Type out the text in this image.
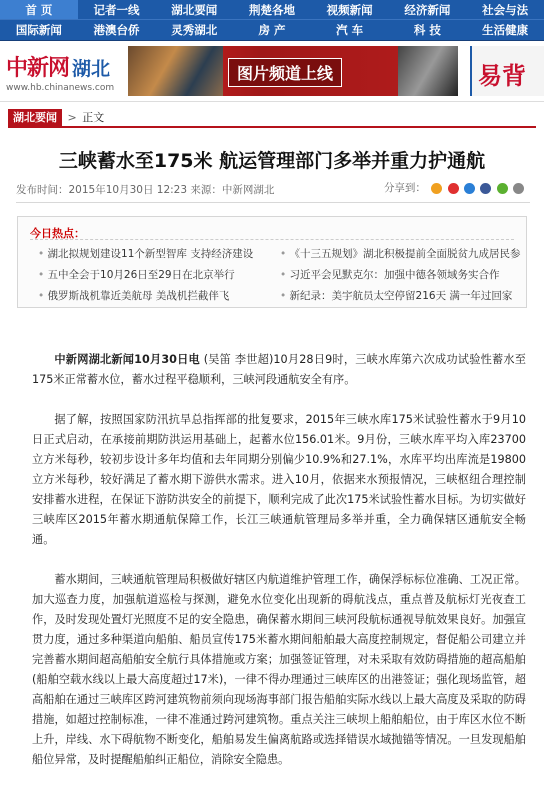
首 页	记者一线	湖北要闻	荆楚各地	视频新闻	经济新闻	社会与法
国际新闻	港澳台侨	灵秀湖北	房 产	汽 车	科 技	生活健康
中新网 湖北
www.hb.chinanews.com
图片频道上线	易背
湖北要闻 > 正文
三峡蓄水至175米 航运管理部门多举并重力护通航
发布时间：2015年10月30日 12:23 来源：中新网湖北	分享到：
今日热点：
• 湖北拟规划建设11个新型智库 支持经济建设
• 五中全会于10月26日至29日在北京举行
• 俄罗斯战机靠近美航母 美战机拦截伴飞
• 《十三五规划》湖北积极提前全面脱贫九成居民参
• 习近平会见默克尔：加强中德各领域务实合作
• 新纪录：美宇航员太空停留216天 满一年过回家

中新网湖北新闻10月30日电 (吴笛 李世超)10月28日9时，三峡水库第六次成功试验性蓄水至175米正常蓄水位，蓄水过程平稳顺利，三峡河段通航安全有序。

据了解，按照国家防汛抗旱总指挥部的批复要求，2015年三峡水库175米试验性蓄水于9月10日正式启动，在承接前期防洪运用基础上，起蓄水位156.01米。9月份，三峡水库平均入库23700立方米每秒，较初步设计多年均值和去年同期分别偏少10.9%和27.1%，水库平均出库流是19800立方米每秒，较好满足了蓄水期下游供水需求。进入10月，依据来水预报情况，三峡枢纽合理控制安排蓄水进程，在保证下游防洪安全的前提下，顺利完成了此次175米试验性蓄水目标。为切实做好三峡库区2015年蓄水期通航保障工作，长江三峡通航管理局多举并重，全力确保辖区通航安全畅通。

蓄水期间，三峡通航管理局积极做好辖区内航道维护管理工作，确保浮标标位准确、工况正常。加大巡查力度，加强航道巡检与探测，避免水位变化出现新的碍航浅点，重点普及航标灯光夜查工作，及时发现处置灯光照度不足的安全隐患，确保蓄水期间三峡河段航标通视导航效果良好。加强宣贯力度，通过多种渠道向船舶、船员宣传175米蓄水期间船舶最大高度控制规定，督促船公司建立并完善蓄水期间超高船舶安全航行具体措施或方案；加强签证管理，对未采取有效防碍措施的超高船舶(船舶空载水线以上最大高度超过17米)，一律不得办理通过三峡库区的出港签证；强化现场监管，超高船舶在通过三峡库区跨河建筑物前须向现场海事部门报告船舶实际水线以上最大高度及采取的防碍措施，如超过控制标准，一律不准通过跨河建筑物。重点关注三峡坝上船舶船位，由于库区水位不断上升，岸线、水下碍航物不断变化，船舶易发生偏离航路或选择错误水域抛锚等情况。一旦发现船舶船位异常，及时提醒船舶纠正船位，消除安全隐患。
